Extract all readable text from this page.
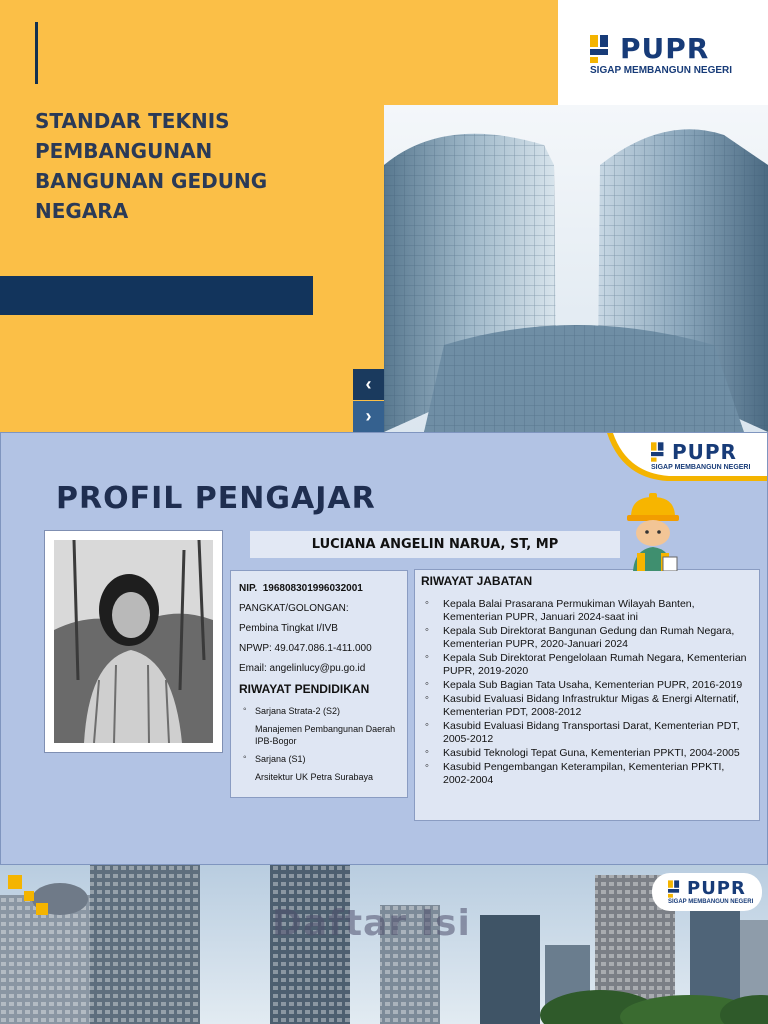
STANDAR TEKNIS
PEMBANGUNAN
BANGUNAN GEDUNG
NEGARA
PUPR
SIGAP MEMBANGUN NEGERI
‹
›
PUPR
SIGAP MEMBANGUN NEGERI
PROFIL PENGAJAR
LUCIANA ANGELIN NARUA, ST, MP
NIP. 196808301996032001
PANGKAT/GOLONGAN:
Pembina Tingkat I/IVB
NPWP: 49.047.086.1-411.000
Email: angelinlucy@pu.go.id
RIWAYAT PENDIDIKAN
◦ Sarjana Strata-2 (S2)
Manajemen Pembangunan Daerah IPB-Bogor
◦ Sarjana (S1)
Arsitektur UK Petra Surabaya
RIWAYAT JABATAN
◦ Kepala Balai Prasarana Permukiman Wilayah Banten, Kementerian PUPR, Januari 2024-saat ini
◦ Kepala Sub Direktorat Bangunan Gedung dan Rumah Negara, Kementerian PUPR, 2020-Januari 2024
◦ Kepala Sub Direktorat Pengelolaan Rumah Negara, Kementerian PUPR, 2019-2020
◦ Kepala Sub Bagian Tata Usaha, Kementerian PUPR, 2016-2019
◦ Kasubid Evaluasi Bidang Infrastruktur Migas & Energi Alternatif, Kementerian PDT, 2008-2012
◦ Kasubid Evaluasi Bidang Transportasi Darat, Kementerian PDT, 2005-2012
◦ Kasubid Teknologi Tepat Guna, Kementerian PPKTI, 2004-2005
◦ Kasubid Pengembangan Keterampilan, Kementerian PPKTI, 2002-2004
Daftar Isi
PUPR
SIGAP MEMBANGUN NEGERI
